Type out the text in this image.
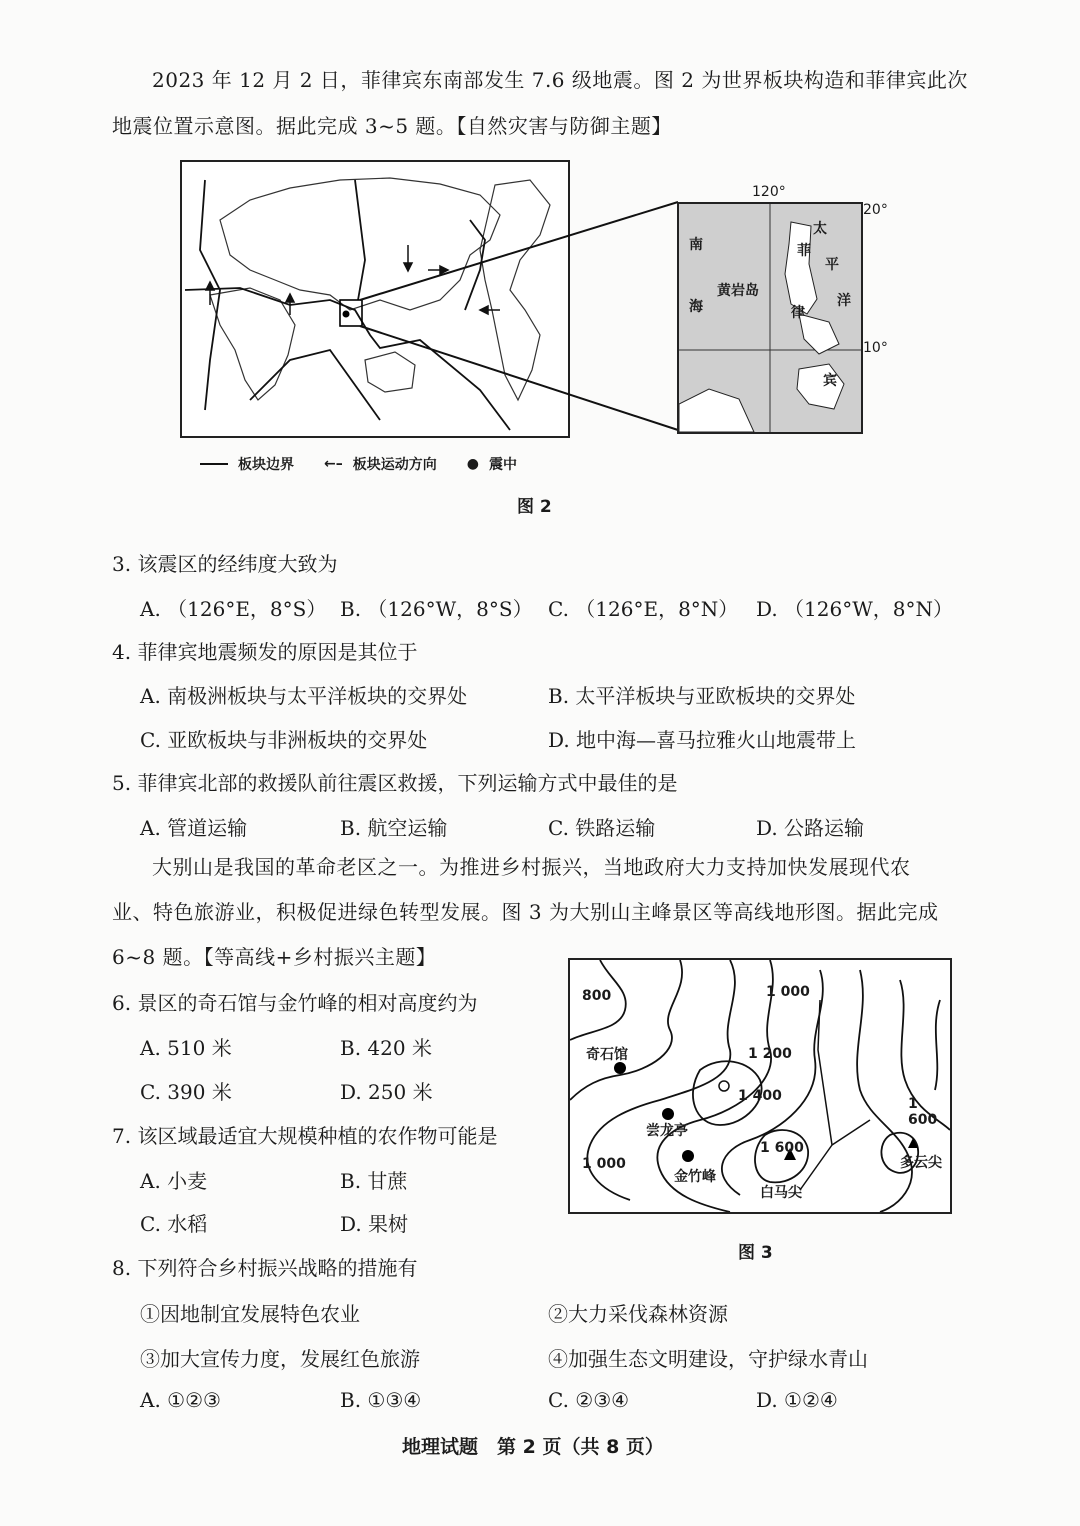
2023 年 12 月 2 日，菲律宾东南部发生 7.6 级地震。图 2 为世界板块构造和菲律宾此次
地震位置示意图。据此完成 3~5 题。【自然灾害与防御主题】
南
海
太
平
洋
菲
律
宾
黄岩岛
120°
20°
10°
板块边界 ←– 板块运动方向 ● 震中
图 2
3. 该震区的经纬度大致为
A. （126°E，8°S） B. （126°W，8°S） C. （126°E，8°N） D. （126°W，8°N）
4. 菲律宾地震频发的原因是其位于
A. 南极洲板块与太平洋板块的交界处	B. 太平洋板块与亚欧板块的交界处
C. 亚欧板块与非洲板块的交界处	D. 地中海—喜马拉雅火山地震带上
5. 菲律宾北部的救援队前往震区救援，下列运输方式中最佳的是
A. 管道运输	B. 航空运输	C. 铁路运输	D. 公路运输
大别山是我国的革命老区之一。为推进乡村振兴，当地政府大力支持加快发展现代农
业、特色旅游业，积极促进绿色转型发展。图 3 为大别山主峰景区等高线地形图。据此完成
6~8 题。【等高线+乡村振兴主题】
800	1 000
1 200
1 400
1 600
1 600
1 000
奇石馆
尝龙亭
金竹峰
白马尖
多云尖
图 3
6. 景区的奇石馆与金竹峰的相对高度约为
A. 510 米	B. 420 米
C. 390 米	D. 250 米
7. 该区域最适宜大规模种植的农作物可能是
A. 小麦	B. 甘蔗
C. 水稻	D. 果树
8. 下列符合乡村振兴战略的措施有
①因地制宜发展特色农业	②大力采伐森林资源
③加大宣传力度，发展红色旅游	④加强生态文明建设，守护绿水青山
A. ①②③	B. ①③④	C. ②③④	D. ①②④
地理试题　第 2 页（共 8 页）
